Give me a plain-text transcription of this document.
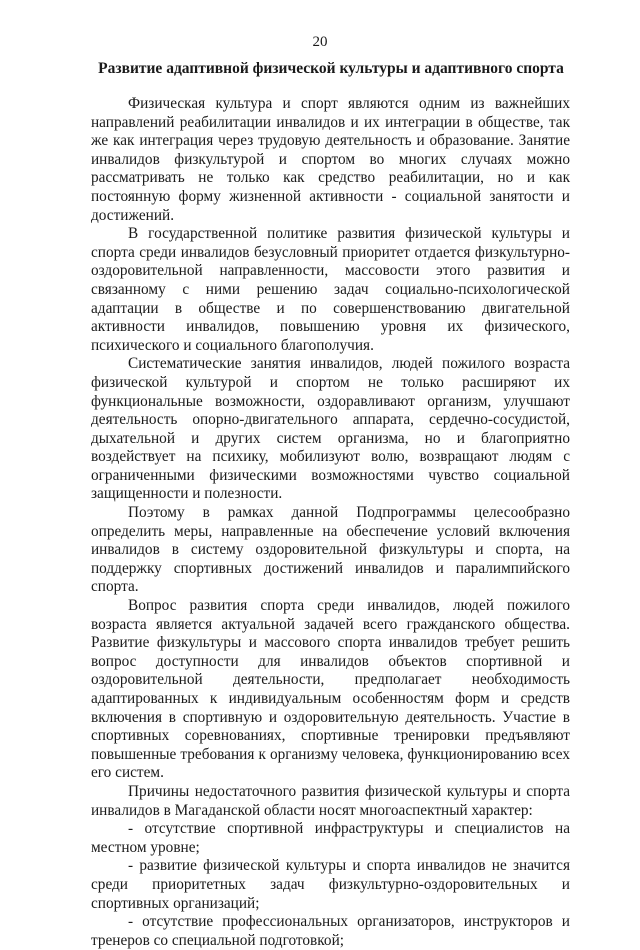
20
Развитие адаптивной физической культуры и адаптивного спорта

Физическая культура и спорт являются одним из важнейших направлений реабилитации инвалидов и их интеграции в обществе, так же как интеграция через трудовую деятельность и образование. Занятие инвалидов физкультурой и спортом во многих случаях можно рассматривать не только как средство реабилитации, но и как постоянную форму жизненной активности - социальной занятости и достижений.

В государственной политике развития физической культуры и спорта среди инвалидов безусловный приоритет отдается физкультурно-оздоровительной направленности, массовости этого развития и связанному с ними решению задач социально-психологической адаптации в обществе и по совершенствованию двигательной активности инвалидов, повышению уровня их физического, психического и социального благополучия.

Систематические занятия инвалидов, людей пожилого возраста физической культурой и спортом не только расширяют их функциональные возможности, оздоравливают организм, улучшают деятельность опорно-двигательного аппарата, сердечно-сосудистой, дыхательной и других систем организма, но и благоприятно воздействует на психику, мобилизуют волю, возвращают людям с ограниченными физическими возможностями чувство социальной защищенности и полезности.

Поэтому в рамках данной Подпрограммы целесообразно определить меры, направленные на обеспечение условий включения инвалидов в систему оздоровительной физкультуры и спорта, на поддержку спортивных достижений инвалидов и паралимпийского спорта.

Вопрос развития спорта среди инвалидов, людей пожилого возраста является актуальной задачей всего гражданского общества. Развитие физкультуры и массового спорта инвалидов требует решить вопрос доступности для инвалидов объектов спортивной и оздоровительной деятельности, предполагает необходимость адаптированных к индивидуальным особенностям форм и средств включения в спортивную и оздоровительную деятельность. Участие в спортивных соревнованиях, спортивные тренировки предъявляют повышенные требования к организму человека, функционированию всех его систем.

Причины недостаточного развития физической культуры и спорта инвалидов в Магаданской области носят многоаспектный характер:

- отсутствие спортивной инфраструктуры и специалистов на местном уровне;

- развитие физической культуры и спорта инвалидов не значится среди приоритетных задач физкультурно-оздоровительных и спортивных организаций;

- отсутствие профессиональных организаторов, инструкторов и тренеров со специальной подготовкой;
